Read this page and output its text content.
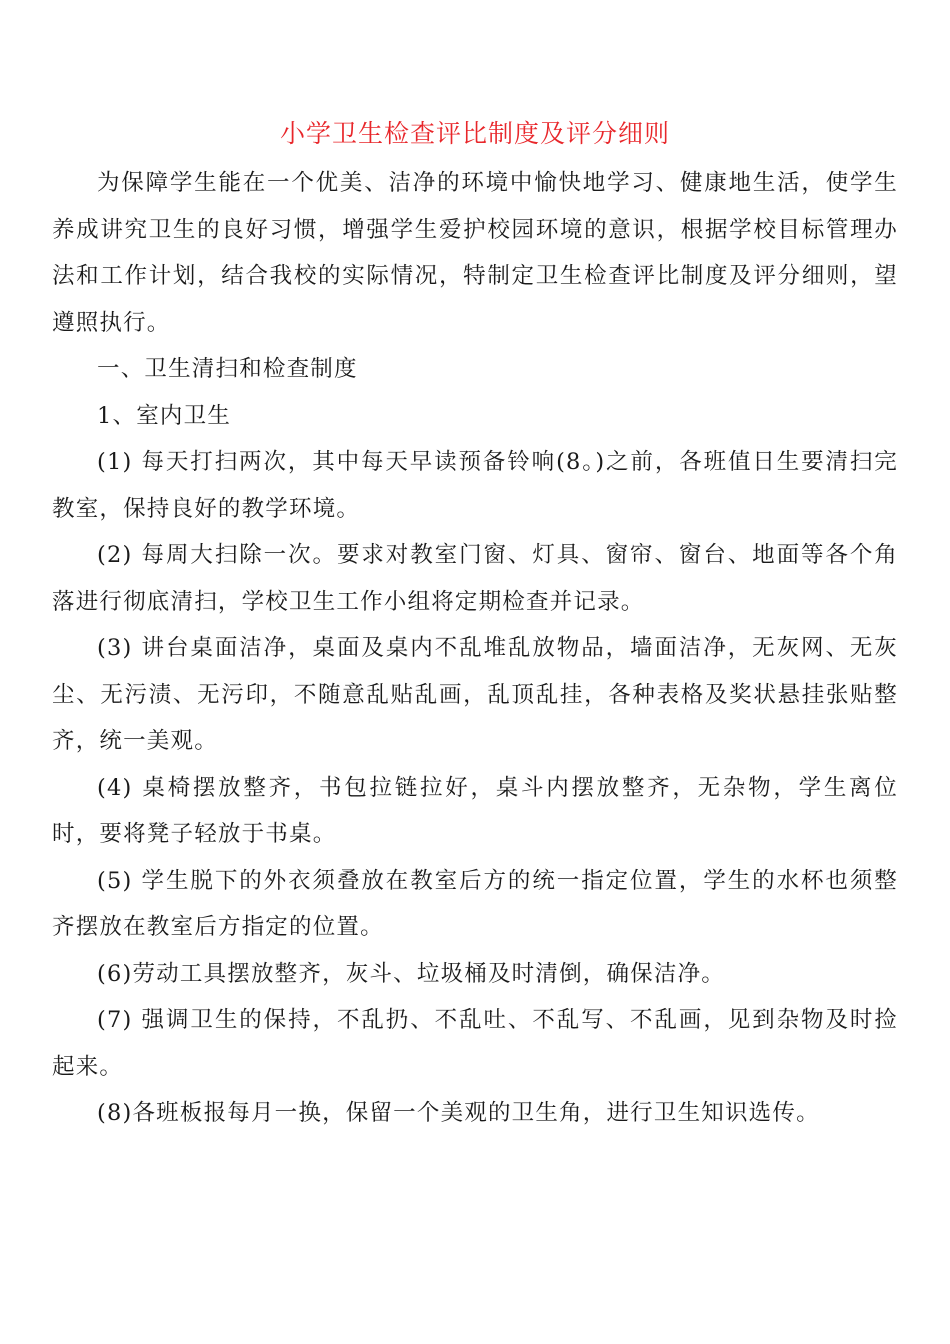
小学卫生检查评比制度及评分细则

为保障学生能在一个优美、洁净的环境中愉快地学习、健康地生活，使学生养成讲究卫生的良好习惯，增强学生爱护校园环境的意识，根据学校目标管理办法和工作计划，结合我校的实际情况，特制定卫生检查评比制度及评分细则，望遵照执行。

一、卫生清扫和检查制度

1、室内卫生

(1) 每天打扫两次，其中每天早读预备铃响(8。)之前，各班值日生要清扫完教室，保持良好的教学环境。

(2) 每周大扫除一次。要求对教室门窗、灯具、窗帘、窗台、地面等各个角落进行彻底清扫，学校卫生工作小组将定期检查并记录。

(3) 讲台桌面洁净，桌面及桌内不乱堆乱放物品，墙面洁净，无灰网、无灰尘、无污渍、无污印，不随意乱贴乱画，乱顶乱挂，各种表格及奖状悬挂张贴整齐，统一美观。

(4) 桌椅摆放整齐，书包拉链拉好，桌斗内摆放整齐，无杂物，学生离位时，要将凳子轻放于书桌。

(5) 学生脱下的外衣须叠放在教室后方的统一指定位置，学生的水杯也须整齐摆放在教室后方指定的位置。

(6)劳动工具摆放整齐，灰斗、垃圾桶及时清倒，确保洁净。

(7) 强调卫生的保持，不乱扔、不乱吐、不乱写、不乱画，见到杂物及时捡起来。

(8)各班板报每月一换，保留一个美观的卫生角，进行卫生知识选传。
